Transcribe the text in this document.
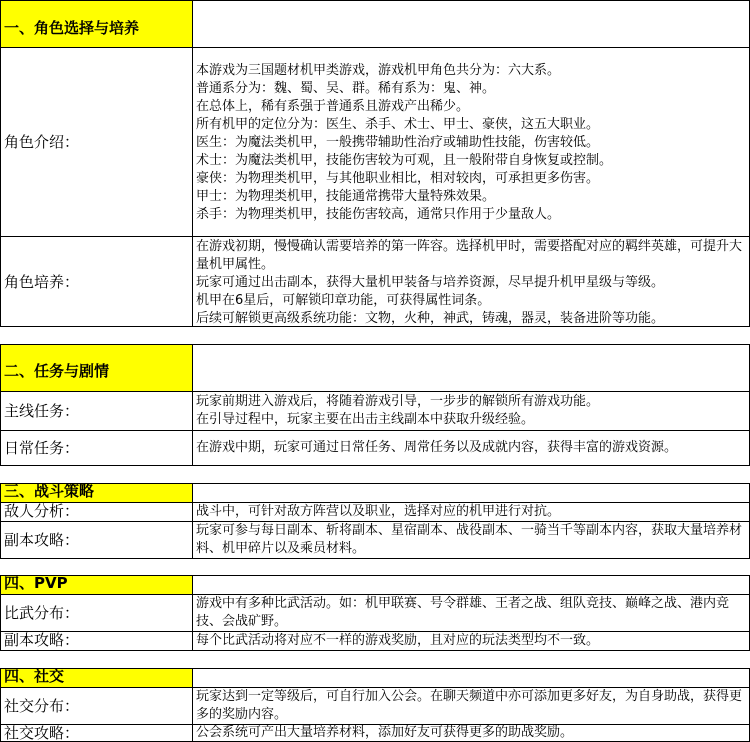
一、角色选择与培养
角色介绍：
本游戏为三国题材机甲类游戏，游戏机甲角色共分为：六大系。
普通系分为：魏、蜀、吴、群。稀有系为：鬼、神。
在总体上，稀有系强于普通系且游戏产出稀少。
所有机甲的定位分为：医生、杀手、术士、甲士、豪侠，这五大职业。
医生：为魔法类机甲，一般携带辅助性治疗或辅助性技能，伤害较低。
术士：为魔法类机甲，技能伤害较为可观，且一般附带自身恢复或控制。
豪侠：为物理类机甲，与其他职业相比，相对较肉，可承担更多伤害。
甲士：为物理类机甲，技能通常携带大量特殊效果。
杀手：为物理类机甲，技能伤害较高，通常只作用于少量敌人。
角色培养：
在游戏初期，慢慢确认需要培养的第一阵容。选择机甲时，需要搭配对应的羁绊英雄，可提升大量机甲属性。
玩家可通过出击副本，获得大量机甲装备与培养资源，尽早提升机甲星级与等级。
机甲在6星后，可解锁印章功能，可获得属性词条。
后续可解锁更高级系统功能：文物，火种，神武，铸魂，器灵，装备进阶等功能。
二、任务与剧情
主线任务：
玩家前期进入游戏后，将随着游戏引导，一步步的解锁所有游戏功能。
在引导过程中，玩家主要在出击主线副本中获取升级经验。
日常任务：	在游戏中期，玩家可通过日常任务、周常任务以及成就内容，获得丰富的游戏资源。
三、战斗策略
敌人分析：	战斗中，可针对敌方阵营以及职业，选择对应的机甲进行对抗。
副本攻略：
玩家可参与每日副本、斩将副本、星宿副本、战役副本、一骑当千等副本内容，获取大量培养材料、机甲碎片以及乘员材料。
四、PVP
比武分布：
游戏中有多种比武活动。如：机甲联赛、号令群雄、王者之战、组队竞技、巅峰之战、港内竞技、会战矿野。
副本攻略：	每个比武活动将对应不一样的游戏奖励，且对应的玩法类型均不一致。
四、社交
社交分布：
玩家达到一定等级后，可自行加入公会。在聊天频道中亦可添加更多好友，为自身助战，获得更多的奖励内容。
社交攻略：	公会系统可产出大量培养材料，添加好友可获得更多的助战奖励。
